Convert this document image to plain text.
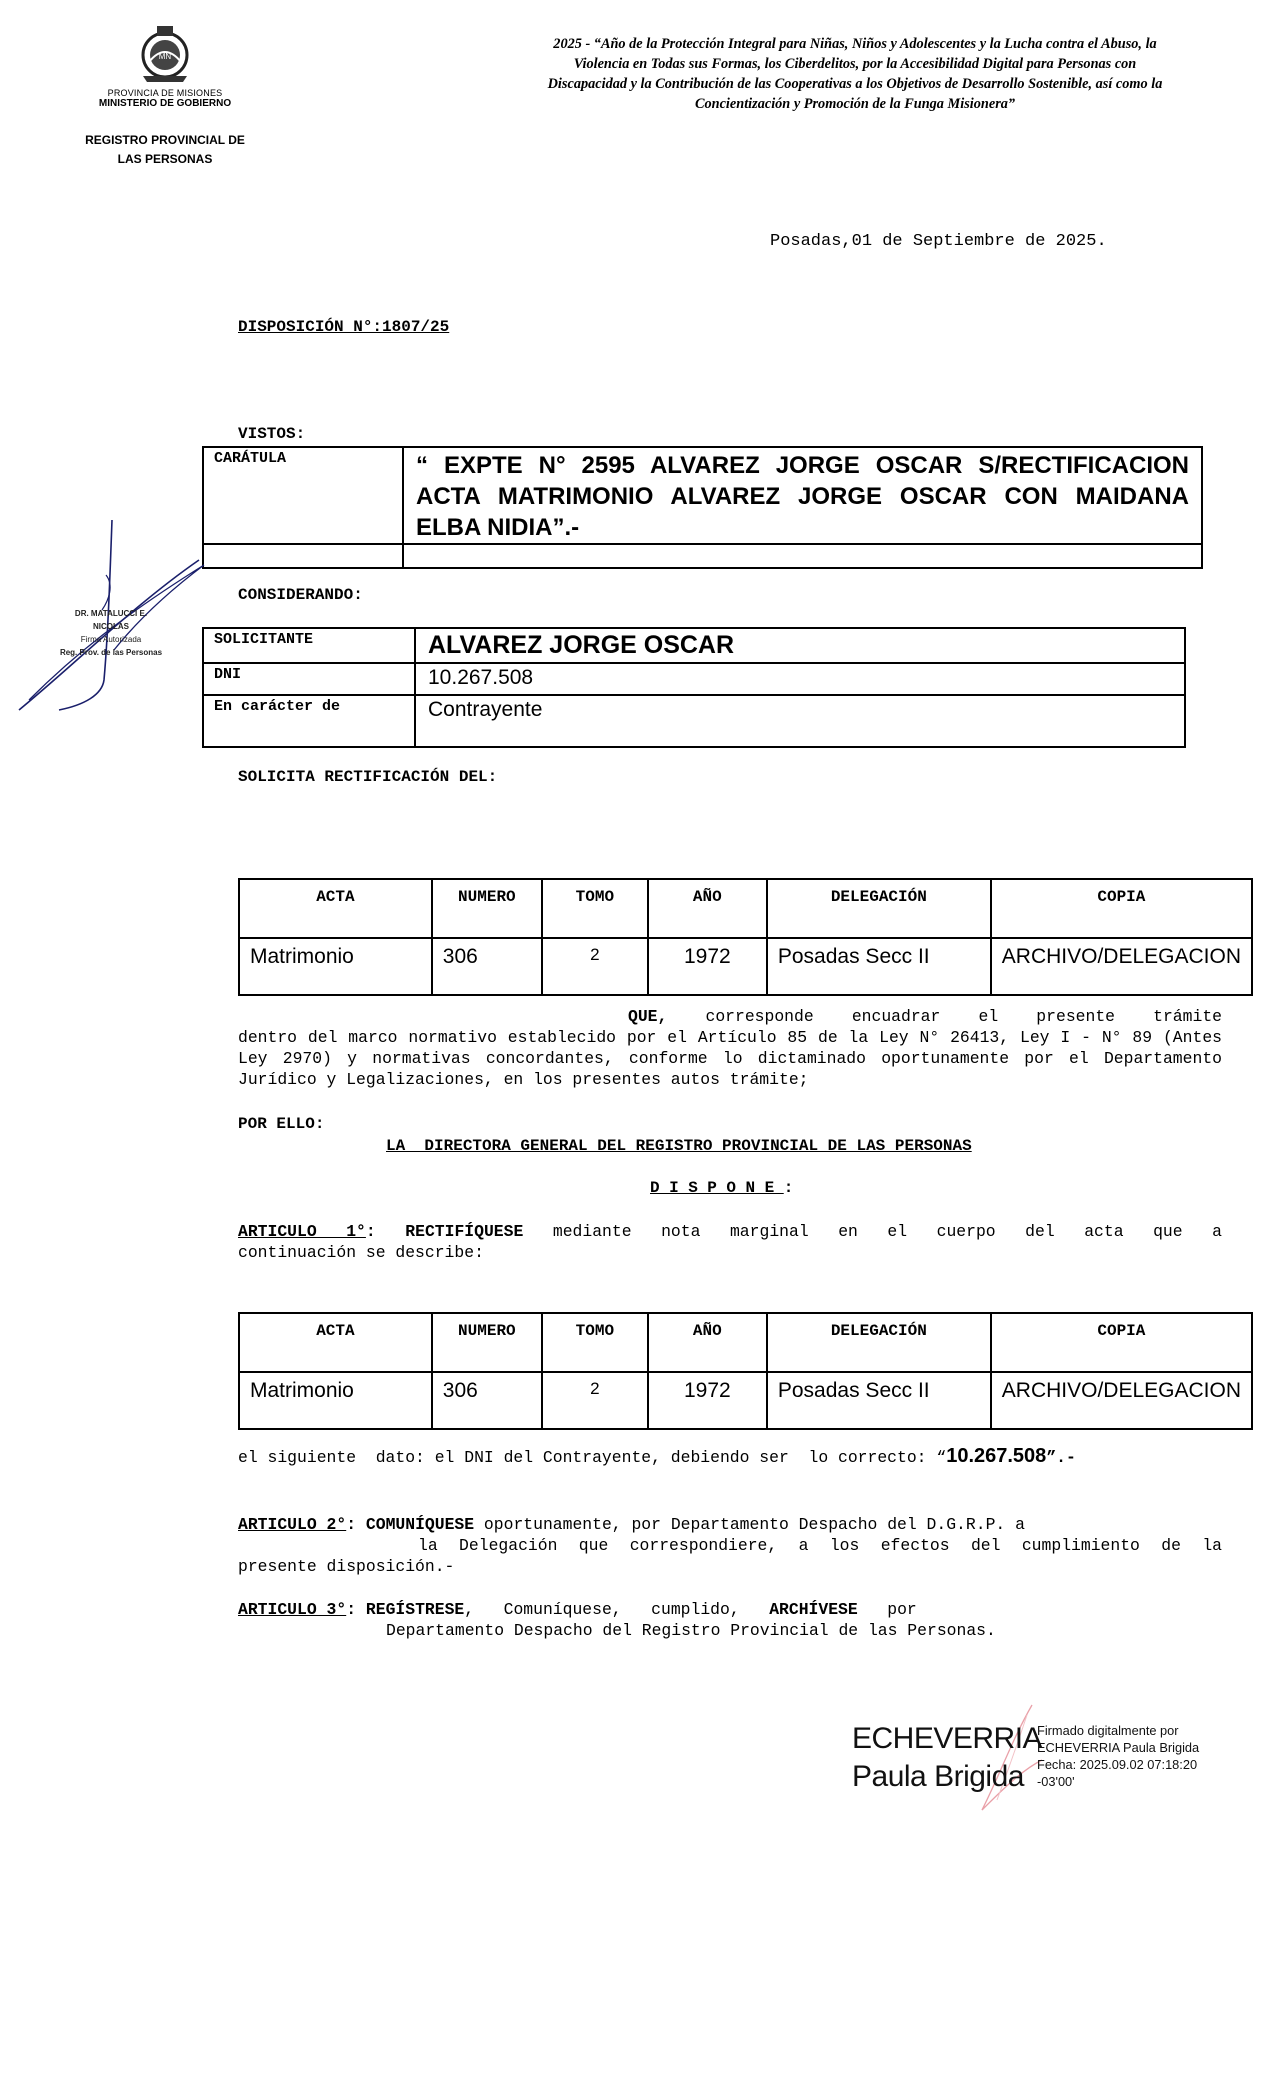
MN
PROVINCIA DE MISIONES
MINISTERIO DE GOBIERNO
REGISTRO PROVINCIAL DE
LAS PERSONAS
2025 - “Año de la Protección Integral para Niñas, Niños y Adolescentes y la Lucha contra el Abuso, la Violencia en Todas sus Formas, los Ciberdelitos, por la Accesibilidad Digital para Personas con Discapacidad y la Contribución de las Cooperativas a los Objetivos de Desarrollo Sostenible, así como la Concientización y Promoción de la Funga Misionera”
Posadas,01 de Septiembre de 2025.
DISPOSICIÓN N°:1807/25
VISTOS:
CARÁTULA	“ EXPTE N° 2595 ALVAREZ JORGE OSCAR S/RECTIFICACION ACTA MATRIMONIO ALVAREZ JORGE OSCAR CON MAIDANA ELBA NIDIA”.-

DR. MATALUCCI E. NICOLAS
Firma Autorizada
Reg. Prov. de las Personas
CONSIDERANDO:
SOLICITANTE	ALVAREZ JORGE OSCAR
DNI	10.267.508
En carácter de	Contrayente
SOLICITA RECTIFICACIÓN DEL:
ACTA	NUMERO	TOMO	AÑO	DELEGACIÓN	COPIA
Matrimonio	306	2	1972	Posadas Secc II	ARCHIVO/DELEGACION
QUE, corresponde encuadrar el presente trámite
dentro del marco normativo establecido por el Artículo 85 de la Ley N° 26413, Ley I - N° 89 (Antes Ley 2970) y normativas concordantes, conforme lo dictaminado oportunamente por el Departamento Jurídico y Legalizaciones, en los presentes autos trámite;
POR ELLO:
LA  DIRECTORA GENERAL DEL REGISTRO PROVINCIAL DE LAS PERSONAS
DISPONE:
ARTICULO 1°: RECTIFÍQUESE mediante nota marginal en el cuerpo del acta que a
continuación se describe:
ACTA	NUMERO	TOMO	AÑO	DELEGACIÓN	COPIA
Matrimonio	306	2	1972	Posadas Secc II	ARCHIVO/DELEGACION
el siguiente  dato: el DNI del Contrayente, debiendo ser  lo correcto: “10.267.508”.-
ARTICULO 2°: COMUNÍQUESE oportunamente, por Departamento Despacho del D.G.R.P. a
la Delegación que correspondiere, a los efectos del cumplimiento de la
presente disposición.-
ARTICULO 3°: REGÍSTRESE,   Comuníquese,   cumplido,   ARCHÍVESE   por
Departamento Despacho del Registro Provincial de las Personas.
ECHEVERRIA
Paula Brigida
Firmado digitalmente por
ECHEVERRIA Paula Brigida
Fecha: 2025.09.02 07:18:20
-03'00'
